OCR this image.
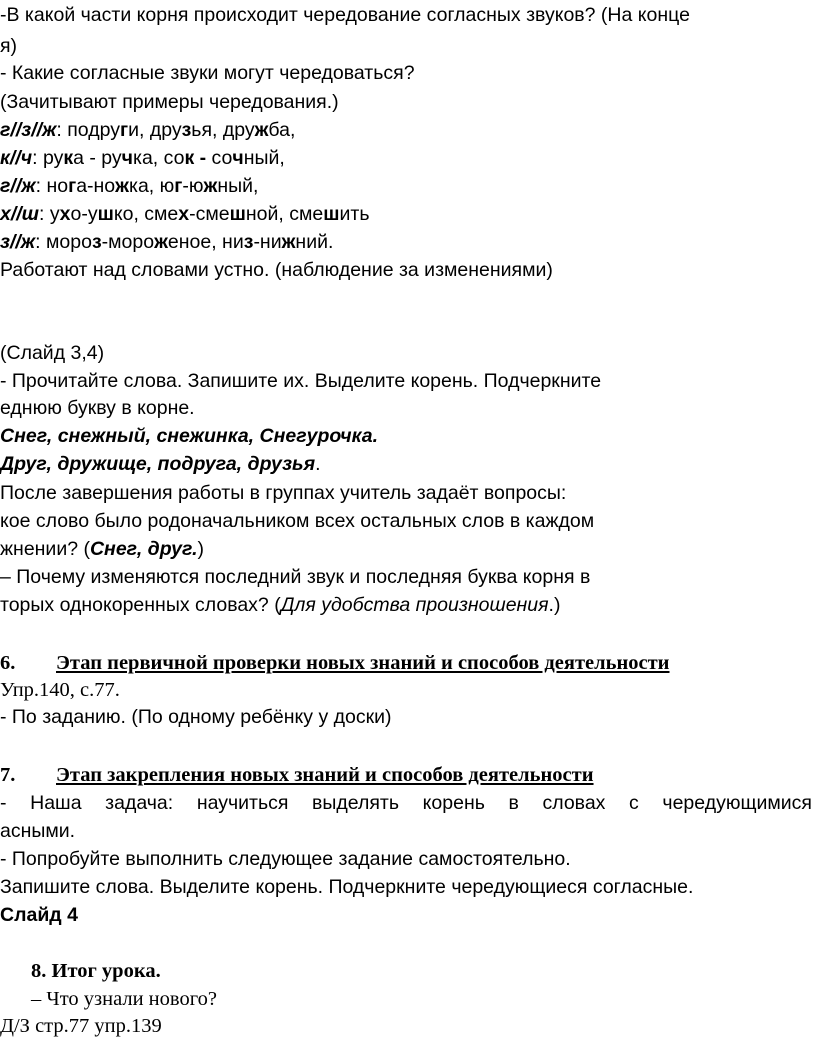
-В какой части корня происходит чередование согласных звуков? (На конце
я)
- Какие согласные звуки могут чередоваться?
(Зачитывают примеры чередования.)
г//з//ж: подруги, друзья, дружба,
к//ч: рука - ручка, сок - сочный,
г//ж: нога-ножка, юг-южный,
х//ш: ухо-ушко, смех-смешной, смешить
з//ж: мороз-мороженое, низ-нижний.
Работают над словами устно. (наблюдение за изменениями)
(Слайд 3,4)
- Прочитайте слова. Запишите их. Выделите корень. Подчеркните
еднюю букву в корне.
Снег, снежный, снежинка, Снегурочка.
Друг, дружище, подруга, друзья.
После завершения работы в группах учитель задаёт вопросы:
кое слово было родоначальником всех остальных слов в каждом
жнении? (Снег, друг.)
– Почему изменяются последний звук и последняя буква корня в
торых однокоренных словах? (Для удобства произношения.)
6. Этап первичной проверки новых знаний и способов деятельности
Упр.140, с.77.
- По заданию. (По одному ребёнку у доски)
7. Этап закрепления новых знаний и способов деятельности
- Наша задача: научиться выделять корень в словах с чередующимися
асными.
- Попробуйте выполнить следующее задание самостоятельно.
Запишите слова. Выделите корень. Подчеркните чередующиеся согласные.
Слайд 4
8. Итог урока.
– Что узнали нового?
Д/З стр.77 упр.139
